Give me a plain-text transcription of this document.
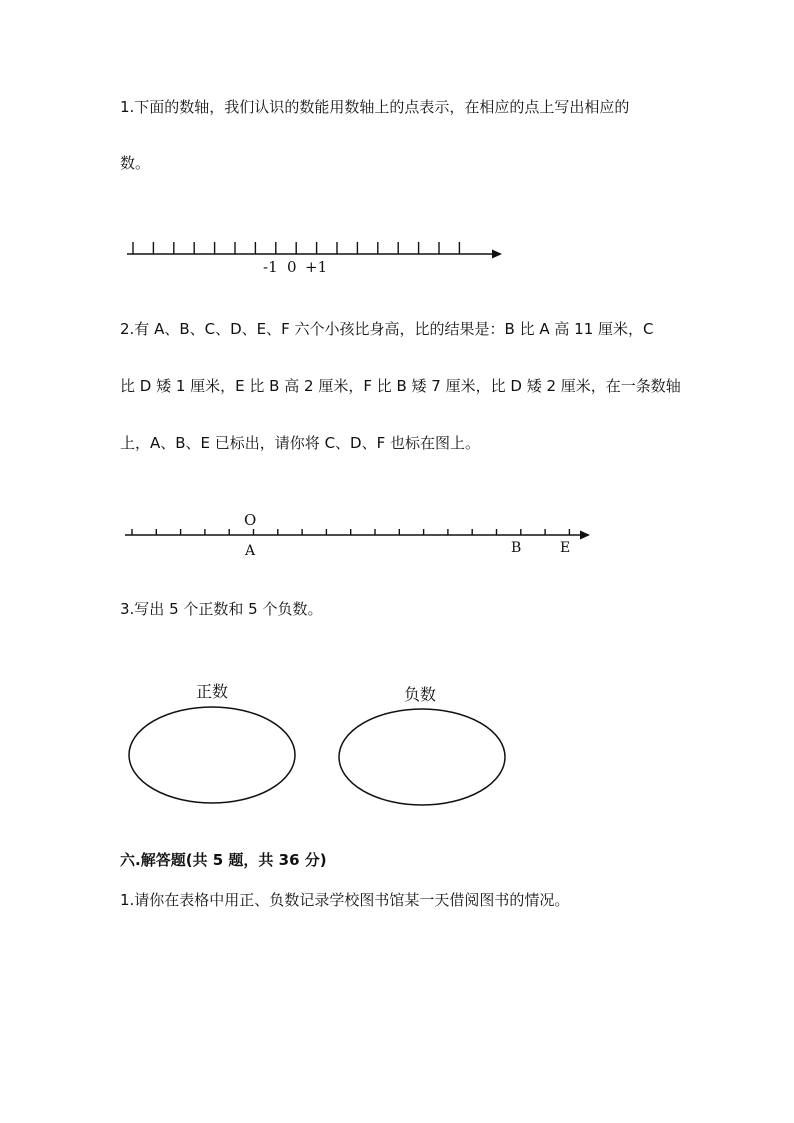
1.下面的数轴，我们认识的数能用数轴上的点表示，在相应的点上写出相应的
数。
-1 0 +1
O
A	B	E
正数	负数
2.有 A、B、C、D、E、F 六个小孩比身高，比的结果是：B 比 A 高 11 厘米，C
比 D 矮 1 厘米，E 比 B 高 2 厘米，F 比 B 矮 7 厘米，比 D 矮 2 厘米，在一条数轴
上，A、B、E 已标出，请你将 C、D、F 也标在图上。
3.写出 5 个正数和 5 个负数。
六.解答题(共 5 题，共 36 分)
1.请你在表格中用正、负数记录学校图书馆某一天借阅图书的情况。
